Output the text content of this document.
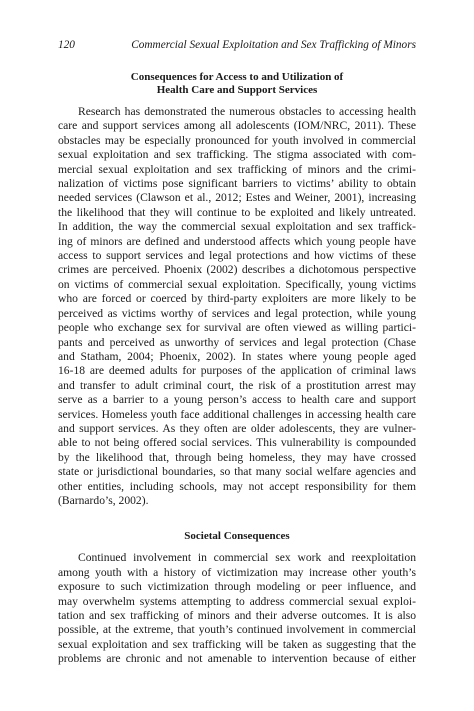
120	Commercial Sexual Exploitation and Sex Trafficking of Minors
Consequences for Access to and Utilization of
Health Care and Support Services

Research has demonstrated the numerous obstacles to accessing health
care and support services among all adolescents (IOM/NRC, 2011). These
obstacles may be especially pronounced for youth involved in commercial
sexual exploitation and sex trafficking. The stigma associated with com-
mercial sexual exploitation and sex trafficking of minors and the crimi-
nalization of victims pose significant barriers to victims’ ability to obtain
needed services (Clawson et al., 2012; Estes and Weiner, 2001), increasing
the likelihood that they will continue to be exploited and likely untreated.
In addition, the way the commercial sexual exploitation and sex traffick-
ing of minors are defined and understood affects which young people have
access to support services and legal protections and how victims of these
crimes are perceived. Phoenix (2002) describes a dichotomous perspective
on victims of commercial sexual exploitation. Specifically, young victims
who are forced or coerced by third-party exploiters are more likely to be
perceived as victims worthy of services and legal protection, while young
people who exchange sex for survival are often viewed as willing partici-
pants and perceived as unworthy of services and legal protection (Chase
and Statham, 2004; Phoenix, 2002). In states where young people aged
16-18 are deemed adults for purposes of the application of criminal laws
and transfer to adult criminal court, the risk of a prostitution arrest may
serve as a barrier to a young person’s access to health care and support
services. Homeless youth face additional challenges in accessing health care
and support services. As they often are older adolescents, they are vulner-
able to not being offered social services. This vulnerability is compounded
by the likelihood that, through being homeless, they may have crossed
state or jurisdictional boundaries, so that many social welfare agencies and
other entities, including schools, may not accept responsibility for them
(Barnardo’s, 2002).

Societal Consequences

Continued involvement in commercial sex work and reexploitation
among youth with a history of victimization may increase other youth’s
exposure to such victimization through modeling or peer influence, and
may overwhelm systems attempting to address commercial sexual exploi-
tation and sex trafficking of minors and their adverse outcomes. It is also
possible, at the extreme, that youth’s continued involvement in commercial
sexual exploitation and sex trafficking will be taken as suggesting that the
problems are chronic and not amenable to intervention because of either
